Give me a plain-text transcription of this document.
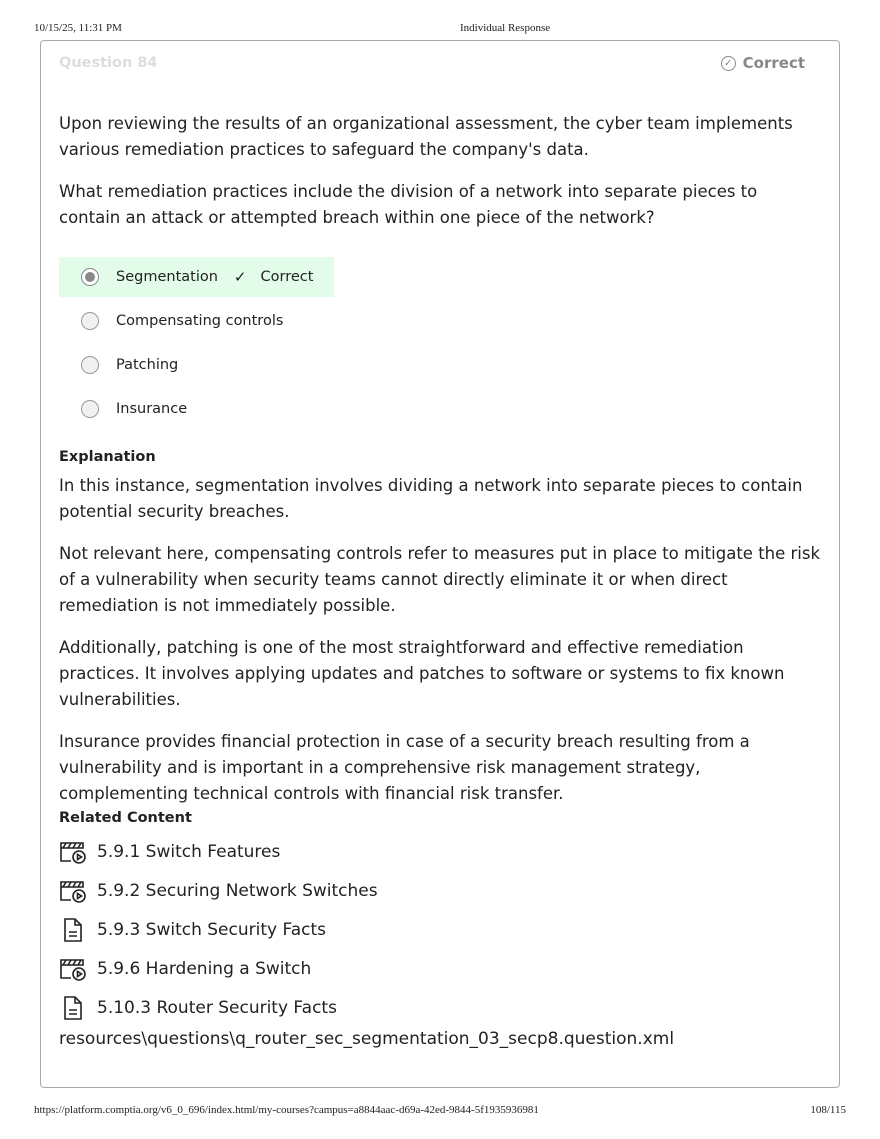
10/15/25, 11:31 PM	Individual Response
Question 84	✓ Correct
Upon reviewing the results of an organizational assessment, the cyber team implements various remediation practices to safeguard the company's data.
What remediation practices include the division of a network into separate pieces to contain an attack or attempted breach within one piece of the network?
Segmentation ✓ Correct
Compensating controls
Patching
Insurance
Explanation
In this instance, segmentation involves dividing a network into separate pieces to contain potential security breaches.
Not relevant here, compensating controls refer to measures put in place to mitigate the risk of a vulnerability when security teams cannot directly eliminate it or when direct remediation is not immediately possible.
Additionally, patching is one of the most straightforward and effective remediation practices. It involves applying updates and patches to software or systems to fix known vulnerabilities.
Insurance provides financial protection in case of a security breach resulting from a vulnerability and is important in a comprehensive risk management strategy, complementing technical controls with financial risk transfer.
Related Content
5.9.1 Switch Features
5.9.2 Securing Network Switches
5.9.3 Switch Security Facts
5.9.6 Hardening a Switch
5.10.3 Router Security Facts
resources\questions\q_router_sec_segmentation_03_secp8.question.xml
https://platform.comptia.org/v6_0_696/index.html/my-courses?campus=a8844aac-d69a-42ed-9844-5f1935936981	108/115
